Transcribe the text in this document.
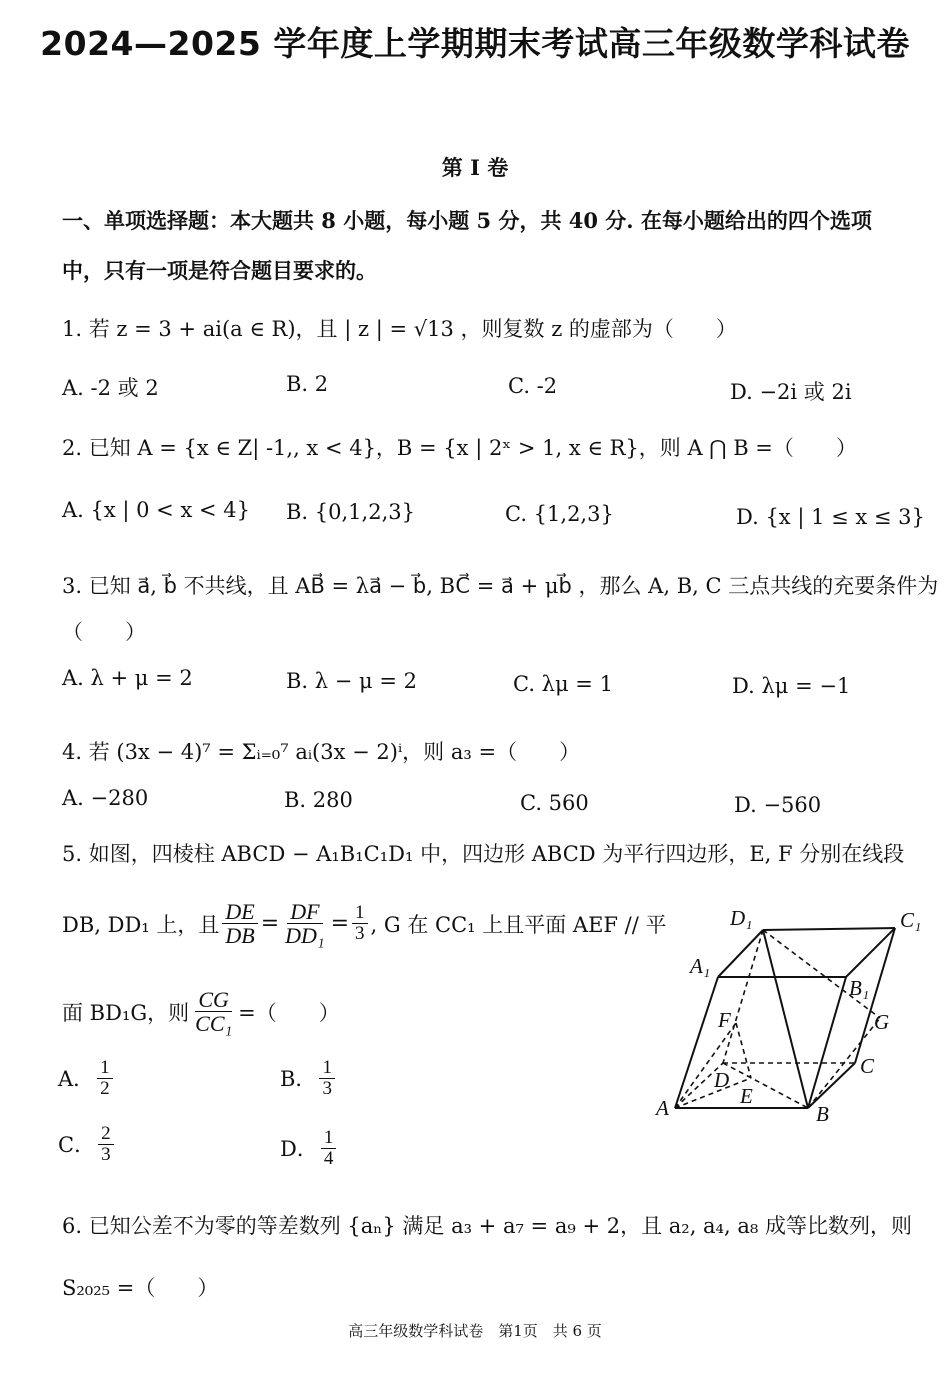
2024—2025 学年度上学期期末考试高三年级数学科试卷
第 I 卷
一、单项选择题：本大题共 8 小题，每小题 5 分，共 40 分. 在每小题给出的四个选项
中，只有一项是符合题目要求的。
1. 若 z = 3 + ai(a ∈ R)，且 | z | = √13 ，则复数 z 的虚部为（　　）
A. -2 或 2	B. 2	C. -2	D. −2i 或 2i
2. 已知 A = {x ∈ Z| -1,, x < 4}，B = {x | 2ˣ > 1, x ∈ R}，则 A ⋂ B =（　　）
A. {x | 0 < x < 4} B. {0,1,2,3}	C. {1,2,3}	D. {x | 1 ≤ x ≤ 3}
3. 已知 a⃗, b⃗ 不共线，且 AB⃗ = λa⃗ − b⃗, BC⃗ = a⃗ + μb⃗ ，那么 A, B, C 三点共线的充要条件为
（　　）
A. λ + μ = 2	B. λ − μ = 2	C. λμ = 1	D. λμ = −1
4. 若 (3x − 4)⁷ = Σᵢ₌₀⁷ aᵢ(3x − 2)ⁱ，则 a₃ =（　　）
A. −280	B. 280	C. 560	D. −560
5. 如图，四棱柱 ABCD − A₁B₁C₁D₁ 中，四边形 ABCD 为平行四边形，E, F 分别在线段
DB, DD₁ 上，且 $\frac{DE}{DB} = \frac{DF}{\text{DD₁}} = \frac{1}{3}$ , G 在 CC₁ 上且平面 AEF // 平
面 BD₁G，则 $\frac{CG}{\text{CC₁}}$ =（　　）
A． $\frac{1}{2}$	B． $\frac{1}{3}$
C． $\frac{2}{3}$	D． $\frac{1}{4}$
D₁	C₁
A₁
B₁
F	G
C
D
E
A	B
6. 已知公差不为零的等差数列 {aₙ} 满足 a₃ + a₇ = a₉ + 2，且 a₂, a₄, a₈ 成等比数列，则
S₂₀₂₅ =（　　）
高三年级数学科试卷　第1页　共 6 页
